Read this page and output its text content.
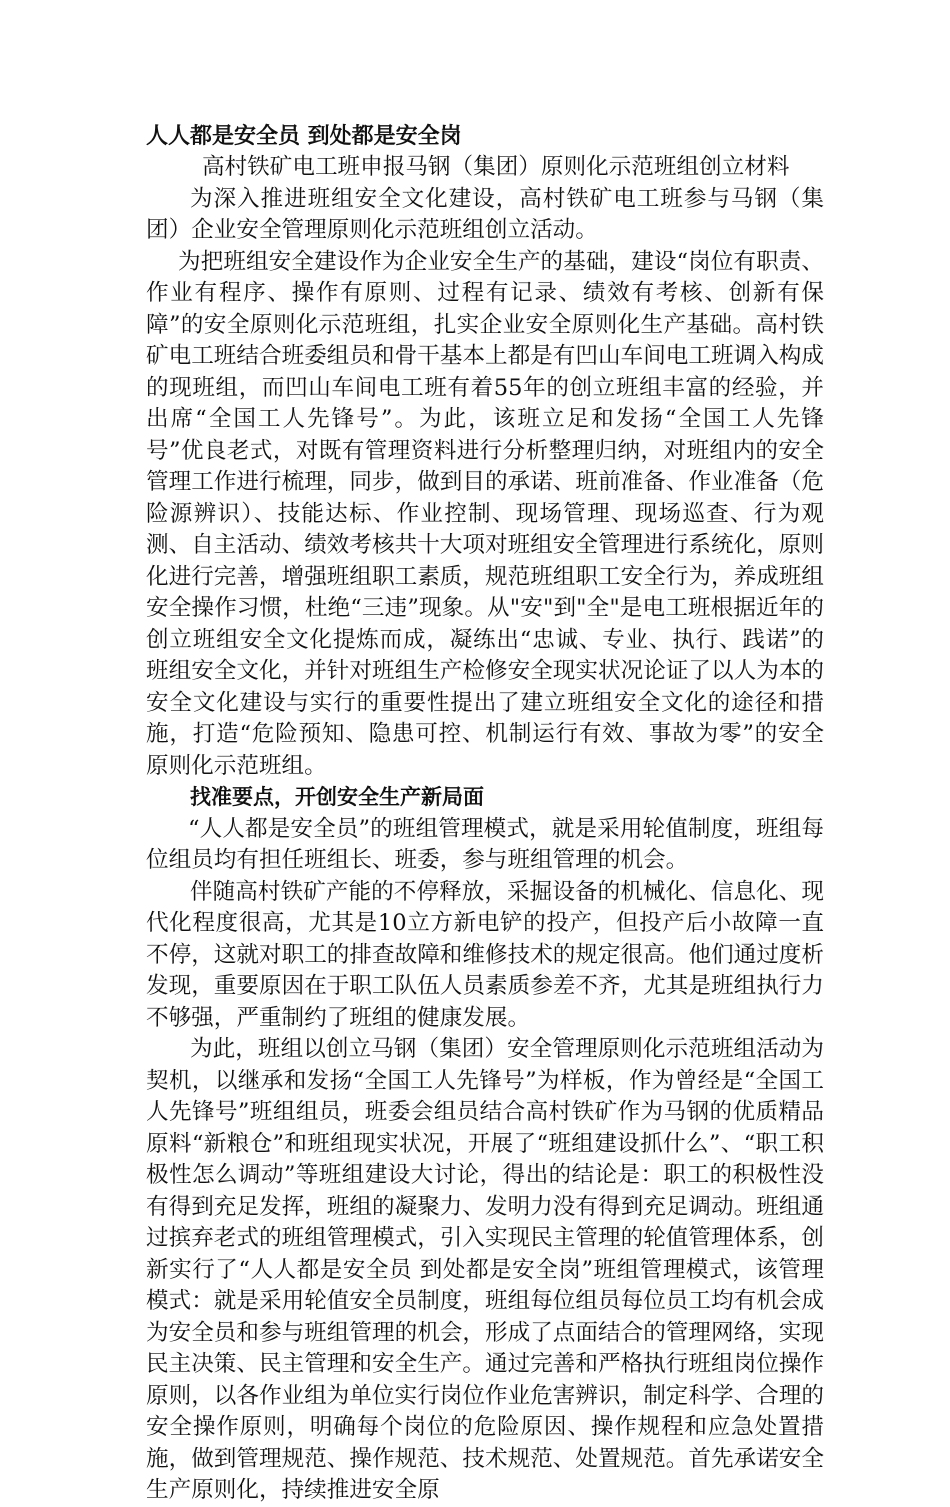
人人都是安全员 到处都是安全岗

高村铁矿电工班申报马钢（集团）原则化示范班组创立材料

为深入推进班组安全文化建设，高村铁矿电工班参与马钢（集团）企业安全管理原则化示范班组创立活动。

为把班组安全建设作为企业安全生产的基础，建设“岗位有职责、作业有程序、操作有原则、过程有记录、绩效有考核、创新有保障”的安全原则化示范班组，扎实企业安全原则化生产基础。高村铁矿电工班结合班委组员和骨干基本上都是有凹山车间电工班调入构成的现班组，而凹山车间电工班有着55年的创立班组丰富的经验，并出席“全国工人先锋号”。为此，该班立足和发扬“全国工人先锋号”优良老式，对既有管理资料进行分析整理归纳，对班组内的安全管理工作进行梳理，同步，做到目的承诺、班前准备、作业准备（危险源辨识）、技能达标、作业控制、现场管理、现场巡查、行为观测、自主活动、绩效考核共十大项对班组安全管理进行系统化，原则化进行完善，增强班组职工素质，规范班组职工安全行为，养成班组安全操作习惯，杜绝“三违”现象。从"安"到"全"是电工班根据近年的创立班组安全文化提炼而成，凝练出“忠诚、专业、执行、践诺”的班组安全文化，并针对班组生产检修安全现实状况论证了以人为本的安全文化建设与实行的重要性提出了建立班组安全文化的途径和措施，打造“危险预知、隐患可控、机制运行有效、事故为零”的安全原则化示范班组。

找准要点，开创安全生产新局面

“人人都是安全员”的班组管理模式，就是采用轮值制度，班组每位组员均有担任班组长、班委，参与班组管理的机会。

伴随高村铁矿产能的不停释放，采掘设备的机械化、信息化、现代化程度很高，尤其是10立方新电铲的投产，但投产后小故障一直不停，这就对职工的排查故障和维修技术的规定很高。他们通过度析发现，重要原因在于职工队伍人员素质参差不齐，尤其是班组执行力不够强，严重制约了班组的健康发展。

为此，班组以创立马钢（集团）安全管理原则化示范班组活动为契机，以继承和发扬“全国工人先锋号”为样板，作为曾经是“全国工人先锋号”班组组员，班委会组员结合高村铁矿作为马钢的优质精品原料“新粮仓”和班组现实状况，开展了“班组建设抓什么”、“职工积极性怎么调动”等班组建设大讨论，得出的结论是：职工的积极性没有得到充足发挥，班组的凝聚力、发明力没有得到充足调动。班组通过摈弃老式的班组管理模式，引入实现民主管理的轮值管理体系，创新实行了“人人都是安全员 到处都是安全岗”班组管理模式，该管理模式：就是采用轮值安全员制度，班组每位组员每位员工均有机会成为安全员和参与班组管理的机会，形成了点面结合的管理网络，实现民主决策、民主管理和安全生产。通过完善和严格执行班组岗位操作原则，以各作业组为单位实行岗位作业危害辨识，制定科学、合理的安全操作原则，明确每个岗位的危险原因、操作规程和应急处置措施，做到管理规范、操作规范、技术规范、处置规范。首先承诺安全生产原则化，持续推进安全原
